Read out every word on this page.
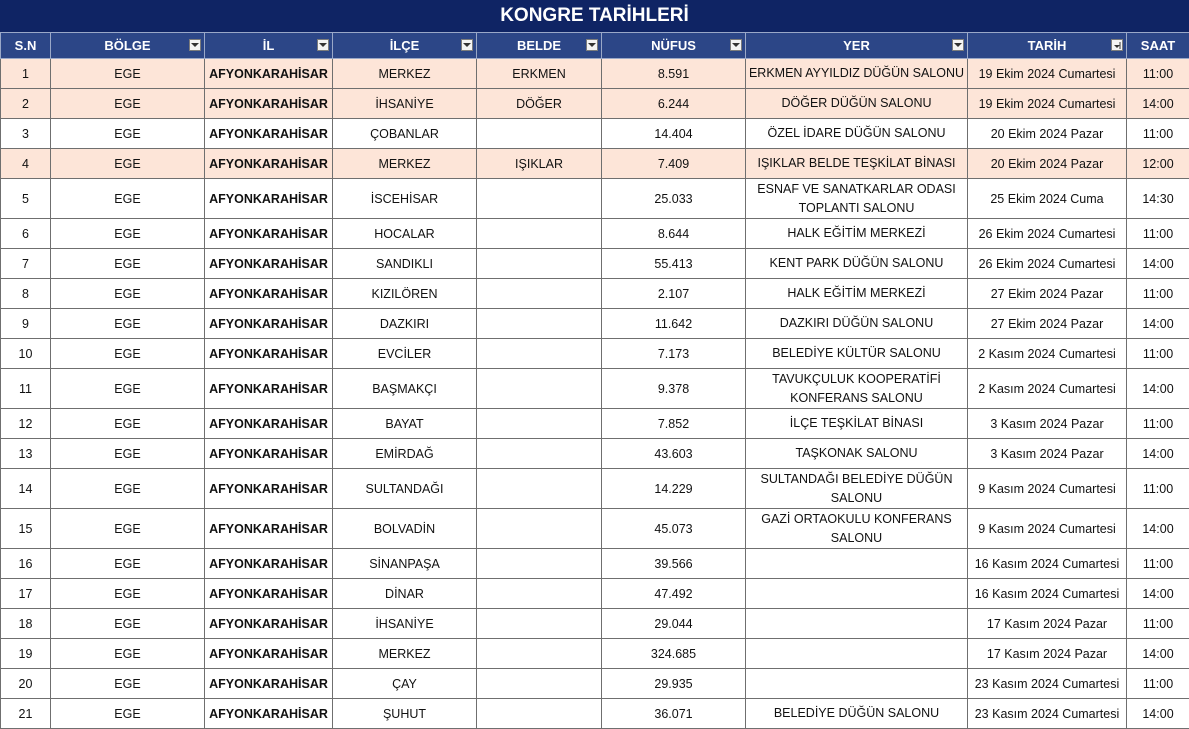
KONGRE TARİHLERİ
S.N	BÖLGE	İL	İLÇE	BELDE	NÜFUS	YER	TARİH	SAAT
1	EGE	AFYONKARAHİSAR	MERKEZ	ERKMEN	8.591	ERKMEN AYYILDIZ DÜĞÜN SALONU	19 Ekim 2024 Cumartesi	11:00
2	EGE	AFYONKARAHİSAR	İHSANİYE	DÖĞER	6.244	DÖĞER DÜĞÜN SALONU	19 Ekim 2024 Cumartesi	14:00
3	EGE	AFYONKARAHİSAR	ÇOBANLAR		14.404	ÖZEL İDARE DÜĞÜN SALONU	20 Ekim 2024 Pazar	11:00
4	EGE	AFYONKARAHİSAR	MERKEZ	IŞIKLAR	7.409	IŞIKLAR BELDE TEŞKİLAT BİNASI	20 Ekim 2024 Pazar	12:00
5	EGE	AFYONKARAHİSAR	İSCEHİSAR		25.033	ESNAF VE SANATKARLAR ODASI TOPLANTI SALONU	25 Ekim 2024 Cuma	14:30
6	EGE	AFYONKARAHİSAR	HOCALAR		8.644	HALK EĞİTİM MERKEZİ	26 Ekim 2024 Cumartesi	11:00
7	EGE	AFYONKARAHİSAR	SANDIKLI		55.413	KENT PARK DÜĞÜN SALONU	26 Ekim 2024 Cumartesi	14:00
8	EGE	AFYONKARAHİSAR	KIZILÖREN		2.107	HALK EĞİTİM MERKEZİ	27 Ekim 2024 Pazar	11:00
9	EGE	AFYONKARAHİSAR	DAZKIRI		11.642	DAZKIRI DÜĞÜN SALONU	27 Ekim 2024 Pazar	14:00
10	EGE	AFYONKARAHİSAR	EVCİLER		7.173	BELEDİYE KÜLTÜR SALONU	2 Kasım 2024 Cumartesi	11:00
11	EGE	AFYONKARAHİSAR	BAŞMAKÇI		9.378	TAVUKÇULUK KOOPERATİFİ KONFERANS SALONU	2 Kasım 2024 Cumartesi	14:00
12	EGE	AFYONKARAHİSAR	BAYAT		7.852	İLÇE TEŞKİLAT BİNASI	3 Kasım 2024 Pazar	11:00
13	EGE	AFYONKARAHİSAR	EMİRDAĞ		43.603	TAŞKONAK SALONU	3 Kasım 2024 Pazar	14:00
14	EGE	AFYONKARAHİSAR	SULTANDAĞI		14.229	SULTANDAĞI BELEDİYE DÜĞÜN SALONU	9 Kasım 2024 Cumartesi	11:00
15	EGE	AFYONKARAHİSAR	BOLVADİN		45.073	GAZİ ORTAOKULU KONFERANS SALONU	9 Kasım 2024 Cumartesi	14:00
16	EGE	AFYONKARAHİSAR	SİNANPAŞA		39.566		16 Kasım 2024 Cumartesi	11:00
17	EGE	AFYONKARAHİSAR	DİNAR		47.492		16 Kasım 2024 Cumartesi	14:00
18	EGE	AFYONKARAHİSAR	İHSANİYE		29.044		17 Kasım 2024 Pazar	11:00
19	EGE	AFYONKARAHİSAR	MERKEZ		324.685		17 Kasım 2024 Pazar	14:00
20	EGE	AFYONKARAHİSAR	ÇAY		29.935		23 Kasım 2024 Cumartesi	11:00
21	EGE	AFYONKARAHİSAR	ŞUHUT		36.071	BELEDİYE DÜĞÜN SALONU	23 Kasım 2024 Cumartesi	14:00
